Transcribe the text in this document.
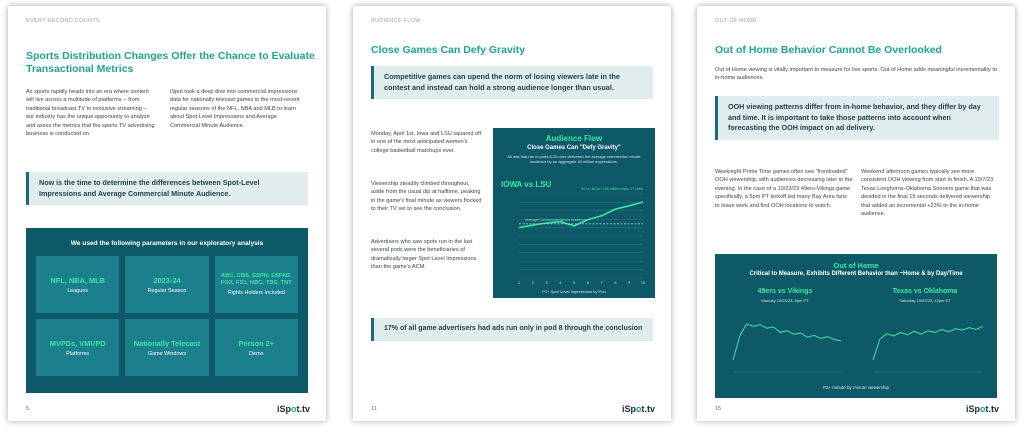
EVERY SECOND COUNTS
Sports Distribution Changes Offer the Chance to Evaluate
Transactional Metrics
As sports rapidly heads into an era where content will live across a multitude of platforms -- from traditional broadcast TV to exclusive streaming -- our industry has the unique opportunity to analyze and asses the metrics that the sports TV advertising business is conducted on.
iSpot took a deep dive into commercial impressions data for nationally telecast games in the most-recent regular seasons of the NFL, NBA and MLB to learn about Spot-Level Impressions and Average Commercial Minute Audience.
Now is the time to determine the differences between Spot-Level Impressions and Average Commercial Minute Audience.
We used the following parameters in our exploratory analysis
NFL, NBA, MLB
Leagues
2023-24
Regular Season
ABC, CBS, ESPN, ESPN2, FOX, FS1, NBC, TBS, TNT
Rights Holders Included
MVPDs, VMVPD
Platforms
Nationally Telecast
Game Windows
Person 2+
Demo
5	iSpot.tv
AUDIENCE FLOW
Close Games Can Defy Gravity
Competitive games can upend the norm of losing viewers late in the contest and instead can hold a strong audience longer than usual.
Monday, April 1st, Iowa and LSU squared off in one of the most anticipated women's college basketball matchups ever.
Viewership steadily climbed throughout, aside from the usual dip at halftime, peaking in the game's final minute as viewers flocked to their TV set to see the conclusion.
Advertisers who saw spots run in the last several pods were the beneficiaries of dramatically larger Spot Level Impressions than the game's ACM.
Audience Flow
Close Games Can "Defy Gravity"
All ads that ran in pods 8-10 over delivered the average commercial minute audience by an aggregate 43 million impressions.
IOWA vs LSU
1	2	3	4	5	6	7	8	9	10
Average Commercial Minute Audience
92 vs. ACM= +43 million imps, 17 units
P2+ Spot Level Impressions by Pod
17% of all game advertisers had ads run only in pod 8 through the conclusion
11	iSpot.tv
OUT OF HOME
Out of Home Behavior Cannot Be Overlooked
Out of Home viewing is vitally important to measure for live sports. Out of Home adds meaningful incrementality to in-home audiences.
OOH viewing patterns differ from in-home behavior, and they differ by day and time. It is important to take those patterns into account when forecasting the OOH impact on ad delivery.
Weeknight Prime Time games often see "frontloaded" OOH viewership, with audiences decreasing later in the evening. In the case of a 10/23/23 49ers-Vikings game specifically, a 5pm PT kickoff led many Bay Area fans to leave work and find OOH locations to watch.
Weekend afternoon games typically see more consistent OOH viewing from start to finish. A 10/7/23 Texas Longhorns-Oklahoma Sooners game that was decided in the final 15 seconds delivered viewership that added an incremental +23% to the in-home audience.
Out of Home
Critical to Measure, Exhibits Different Behavior than ~Home & by Day/Time
49ers vs Vikings
Monday 10/23/23, 5pm PT
Texas vs Oklahoma
Saturday 10/07/23, 12pm ET
P2+ minute by minute viewership
15	iSpot.tv
